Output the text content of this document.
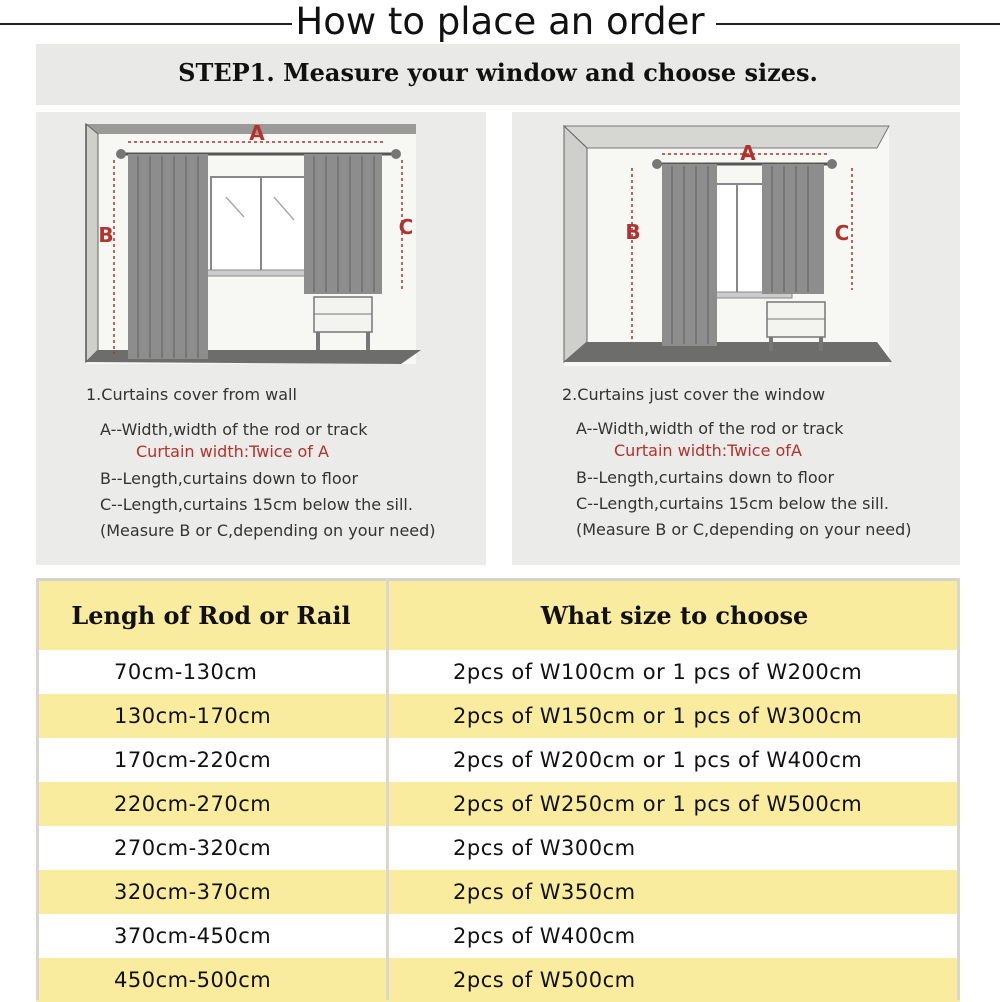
How to place an order
STEP1. Measure your window and choose sizes.
A
B	C
1.Curtains cover from wall
A--Width,width of the rod or track
Curtain width:Twice of A
B--Length,curtains down to floor
C--Length,curtains 15cm below the sill.
(Measure B or C,depending on your need)
A
B	C
2.Curtains just cover the window
A--Width,width of the rod or track
Curtain width:Twice ofA
B--Length,curtains down to floor
C--Length,curtains 15cm below the sill.
(Measure B or C,depending on your need)
Lengh of Rod or Rail	What size to choose
70cm-130cm	2pcs of W100cm or 1 pcs of W200cm
130cm-170cm	2pcs of W150cm or 1 pcs of W300cm
170cm-220cm	2pcs of W200cm or 1 pcs of W400cm
220cm-270cm	2pcs of W250cm or 1 pcs of W500cm
270cm-320cm	2pcs of W300cm
320cm-370cm	2pcs of W350cm
370cm-450cm	2pcs of W400cm
450cm-500cm	2pcs of W500cm
